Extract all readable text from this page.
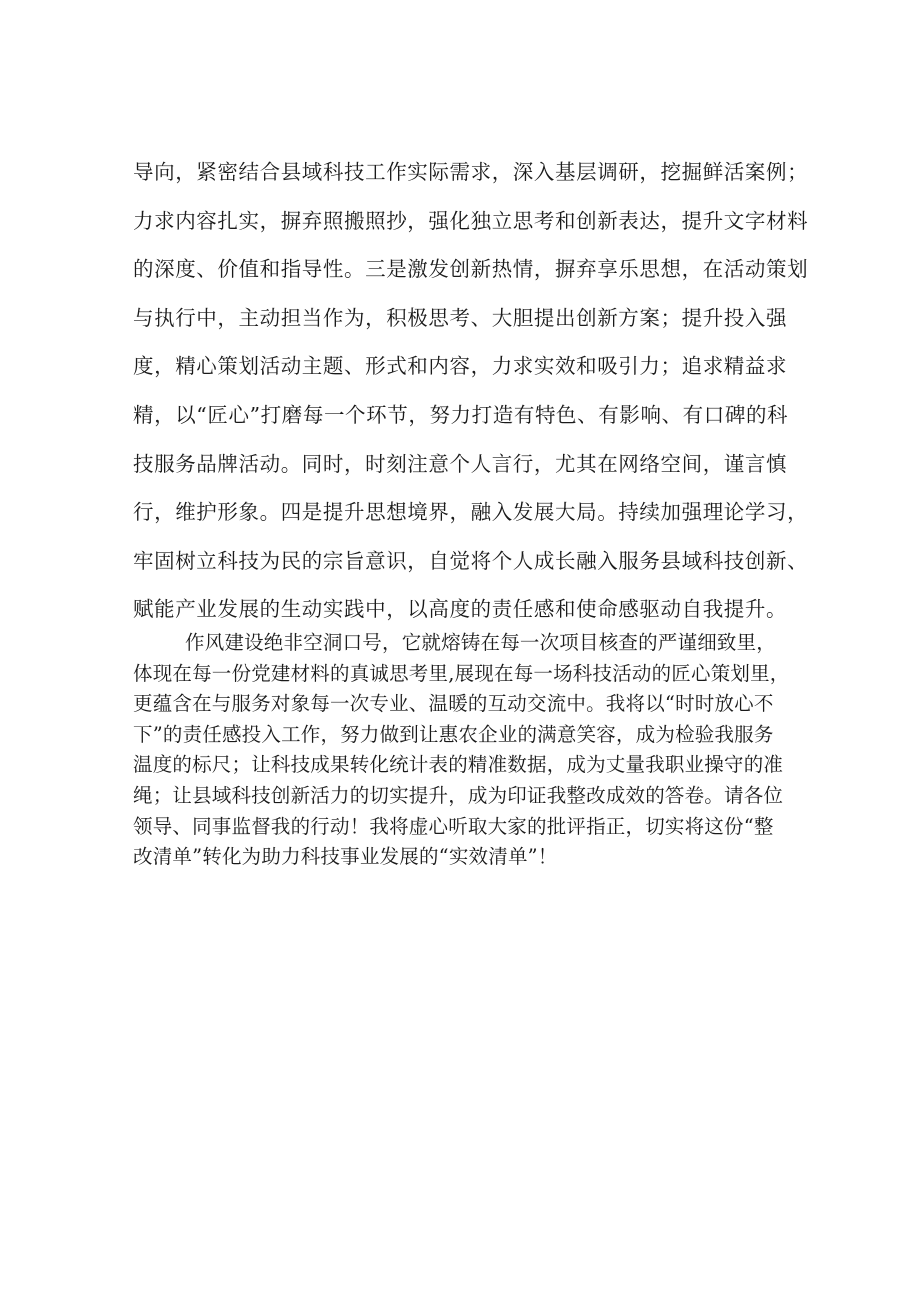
导向，紧密结合县域科技工作实际需求，深入基层调研，挖掘鲜活案例；
力求内容扎实，摒弃照搬照抄，强化独立思考和创新表达，提升文字材料
的深度、价值和指导性。三是激发创新热情，摒弃享乐思想，在活动策划
与执行中，主动担当作为，积极思考、大胆提出创新方案；提升投入强
度，精心策划活动主题、形式和内容，力求实效和吸引力；追求精益求
精，以“匠心”打磨每一个环节，努力打造有特色、有影响、有口碑的科
技服务品牌活动。同时，时刻注意个人言行，尤其在网络空间，谨言慎
行，维护形象。四是提升思想境界，融入发展大局。持续加强理论学习，
牢固树立科技为民的宗旨意识，自觉将个人成长融入服务县域科技创新、
赋能产业发展的生动实践中，以高度的责任感和使命感驱动自我提升。
作风建设绝非空洞口号，它就熔铸在每一次项目核查的严谨细致里，
体现在每一份党建材料的真诚思考里,展现在每一场科技活动的匠心策划里，
更蕴含在与服务对象每一次专业、温暖的互动交流中。我将以“时时放心不
下”的责任感投入工作，努力做到让惠农企业的满意笑容，成为检验我服务
温度的标尺；让科技成果转化统计表的精准数据，成为丈量我职业操守的准
绳；让县域科技创新活力的切实提升，成为印证我整改成效的答卷。请各位
领导、同事监督我的行动！我将虚心听取大家的批评指正，切实将这份“整
改清单”转化为助力科技事业发展的“实效清单”！
